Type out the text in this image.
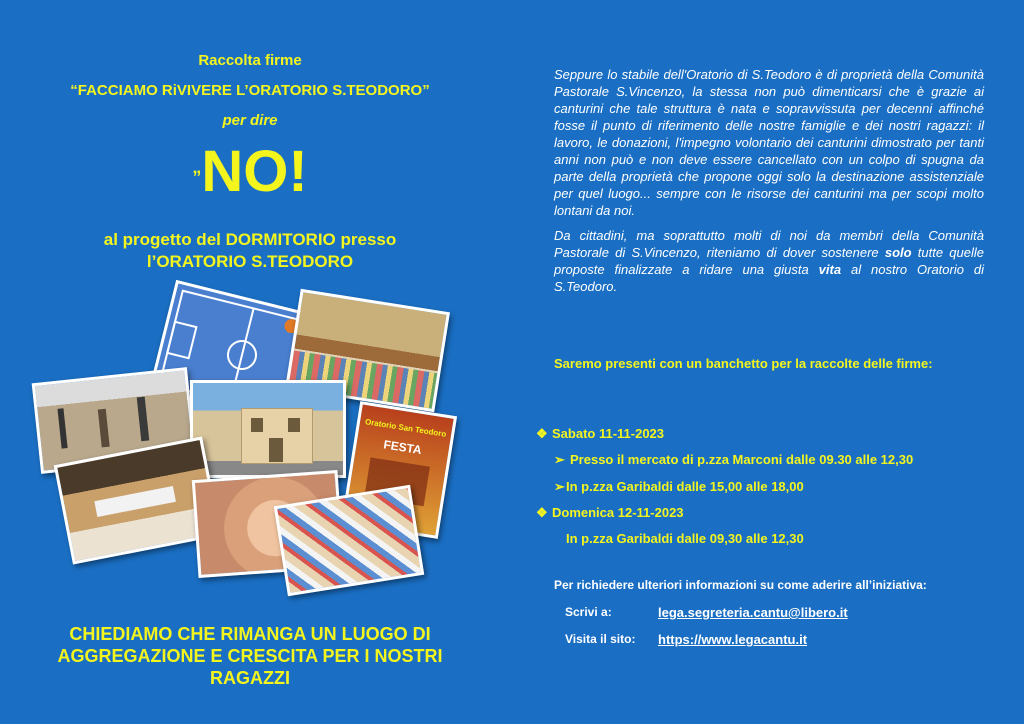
Raccolta firme
“FACCIAMO RiVIVERE L’ORATORIO S.TEODORO”
per dire
„NO!
al progetto del DORMITORIO presso
l’ORATORIO S.TEODORO
Oratorio San Teodoro
FESTA
CHIEDIAMO CHE RIMANGA UN LUOGO DI
AGGREGAZIONE E CRESCITA PER I NOSTRI
RAGAZZI

Seppure lo stabile dell'Oratorio di S.Teodoro è di proprietà della Comunità Pastorale S.Vincenzo, la stessa non può dimenticarsi che è grazie ai canturini che tale struttura è nata e sopravvissuta per decenni affinché fosse il punto di riferimento delle nostre famiglie e dei nostri ragazzi: il lavoro, le donazioni, l'impegno volontario dei canturini dimostrato per tanti anni non può e non deve essere cancellato con un colpo di spugna da parte della proprietà che propone oggi solo la destinazione assistenziale per quel luogo... sempre con le risorse dei canturini ma per scopi molto lontani da noi.

Da cittadini, ma soprattutto molti di noi da membri della Comunità Pastorale di S.Vincenzo, riteniamo di dover sostenere solo tutte quelle proposte finalizzate a ridare una giusta vita al nostro Oratorio di S.Teodoro.

Saremo presenti con un banchetto per la raccolte delle firme:
❖ Sabato 11-11-2023
➢ Presso il mercato di p.zza Marconi dalle 09.30 alle 12,30
➢In p.zza Garibaldi dalle 15,00 alle 18,00
❖ Domenica 12-11-2023
In p.zza Garibaldi dalle 09,30 alle 12,30
Per richiedere ulteriori informazioni su come aderire all’iniziativa:
Scrivi a:	lega.segreteria.cantu@libero.it
Visita il sito: https://www.legacantu.it
